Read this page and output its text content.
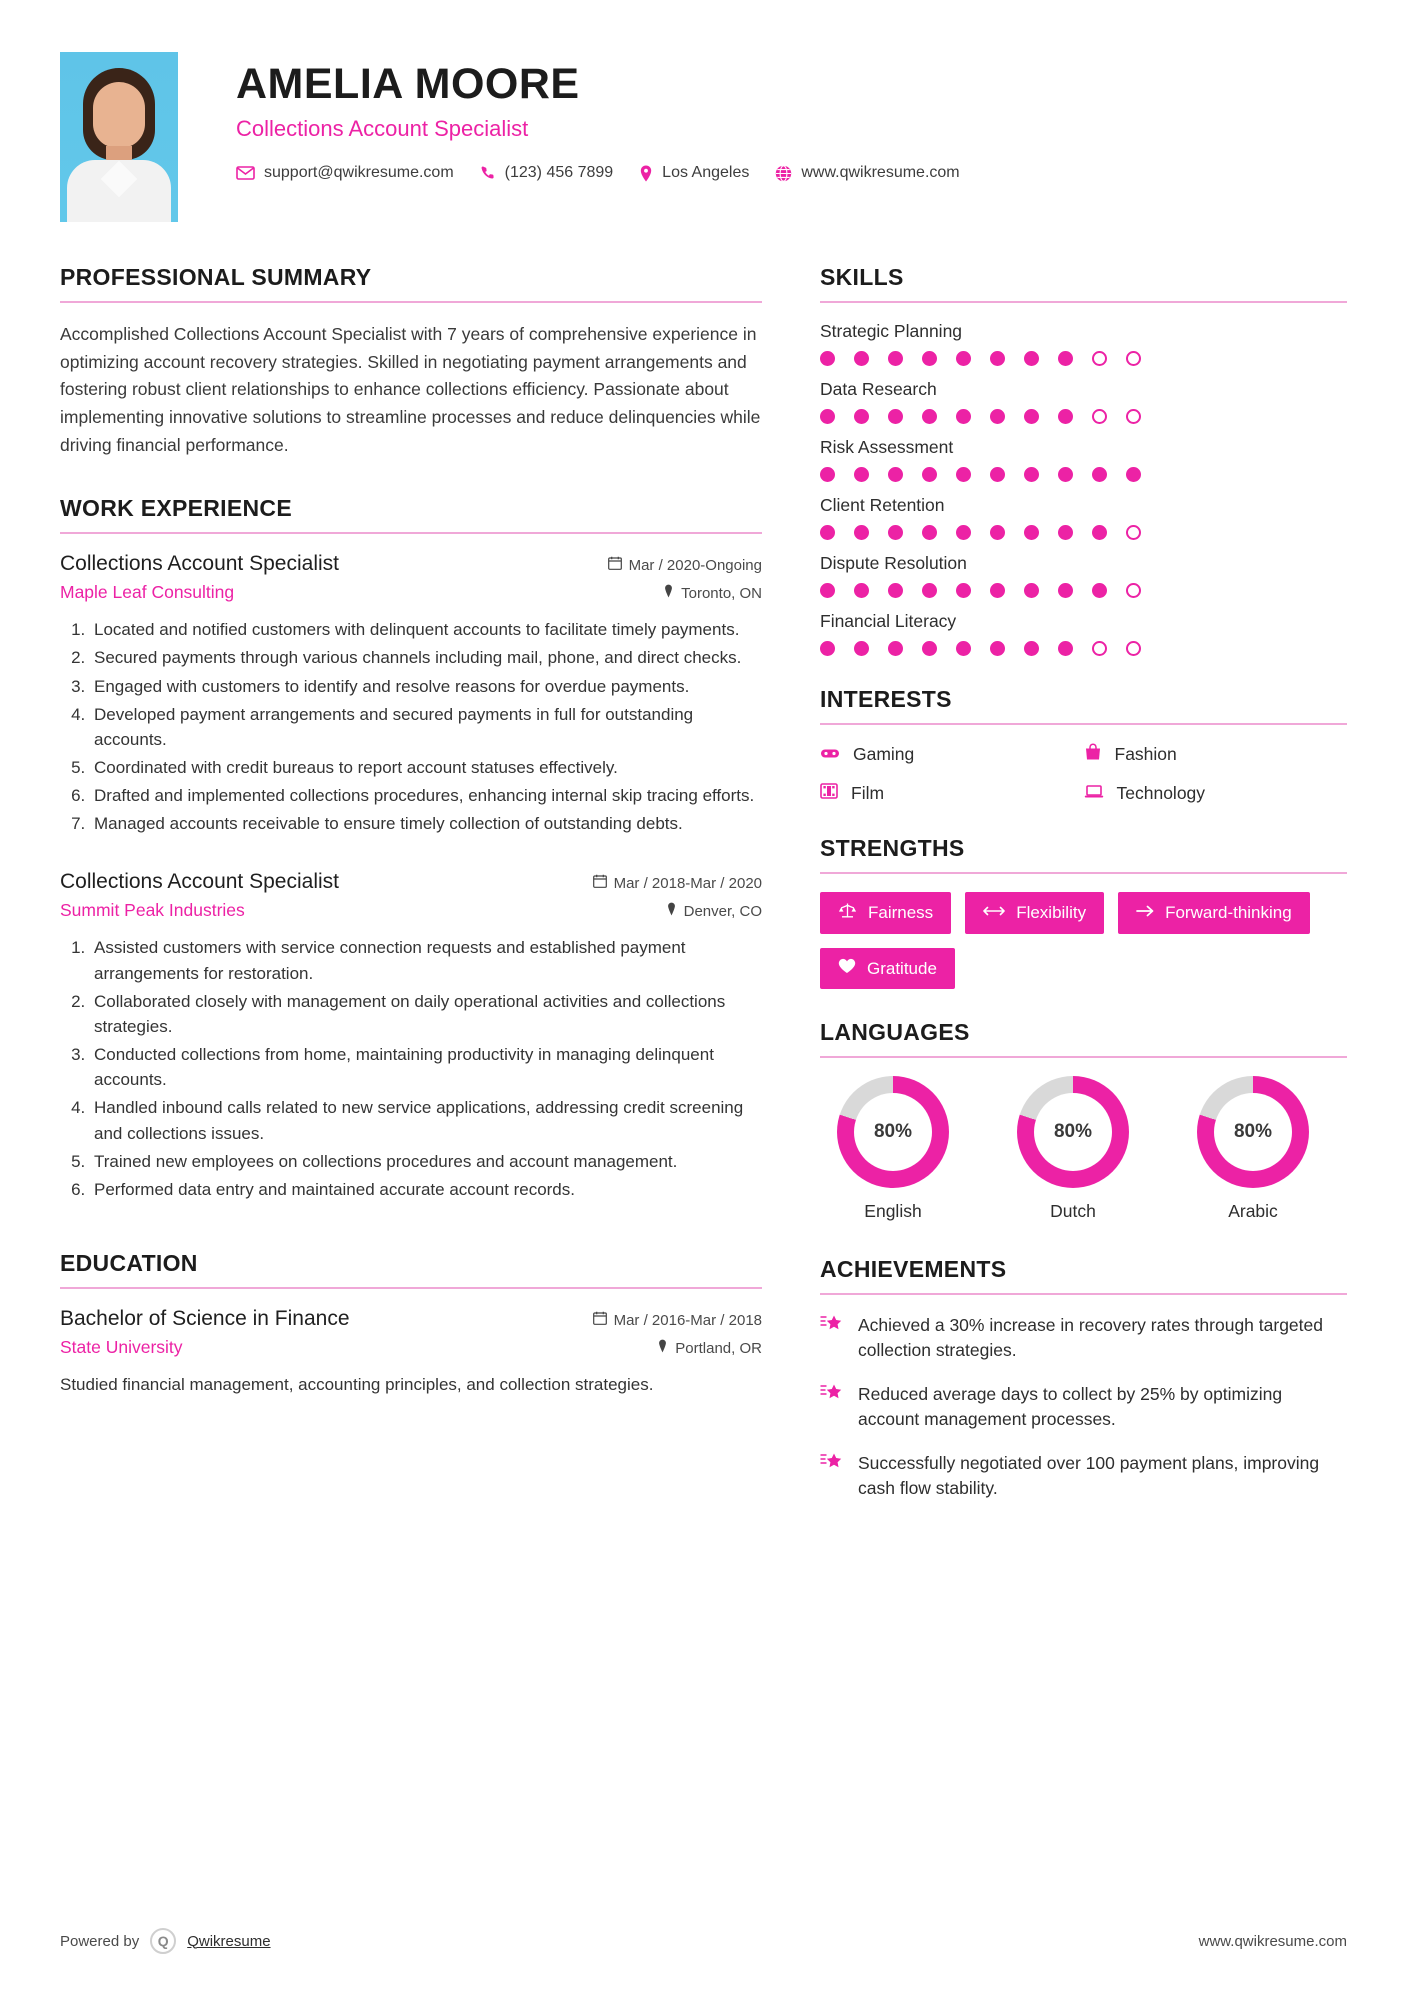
AMELIA MOORE
Collections Account Specialist
support@qwikresume.com	(123) 456 7899	Los Angeles	www.qwikresume.com
PROFESSIONAL SUMMARY

Accomplished Collections Account Specialist with 7 years of comprehensive experience in optimizing account recovery strategies. Skilled in negotiating payment arrangements and fostering robust client relationships to enhance collections efficiency. Passionate about implementing innovative solutions to streamline processes and reduce delinquencies while driving financial performance.

WORK EXPERIENCE
Collections Account Specialist	Mar / 2020-Ongoing
Maple Leaf Consulting	Toronto, ON
1. Located and notified customers with delinquent accounts to facilitate timely payments.
2. Secured payments through various channels including mail, phone, and direct checks.
3. Engaged with customers to identify and resolve reasons for overdue payments.
4. Developed payment arrangements and secured payments in full for outstanding accounts.
5. Coordinated with credit bureaus to report account statuses effectively.
6. Drafted and implemented collections procedures, enhancing internal skip tracing efforts.
7. Managed accounts receivable to ensure timely collection of outstanding debts.
Collections Account Specialist	Mar / 2018-Mar / 2020
Summit Peak Industries	Denver, CO
1. Assisted customers with service connection requests and established payment arrangements for restoration.
2. Collaborated closely with management on daily operational activities and collections strategies.
3. Conducted collections from home, maintaining productivity in managing delinquent accounts.
4. Handled inbound calls related to new service applications, addressing credit screening and collections issues.
5. Trained new employees on collections procedures and account management.
6. Performed data entry and maintained accurate account records.
EDUCATION
Bachelor of Science in Finance	Mar / 2016-Mar / 2018
State University	Portland, OR

Studied financial management, accounting principles, and collection strategies.

SKILLS
Strategic Planning
Data Research
Risk Assessment
Client Retention
Dispute Resolution
Financial Literacy
INTERESTS
Gaming	Fashion
Film	Technology
STRENGTHS
Fairness	Flexibility	Forward-thinking
Gratitude
LANGUAGES
80%
English
80%
Dutch
80%
Arabic
ACHIEVEMENTS
Achieved a 30% increase in recovery rates through targeted collection strategies.
Reduced average days to collect by 25% by optimizing account management processes.
Successfully negotiated over 100 payment plans, improving cash flow stability.
Powered by	Q	Qwikresume	www.qwikresume.com
